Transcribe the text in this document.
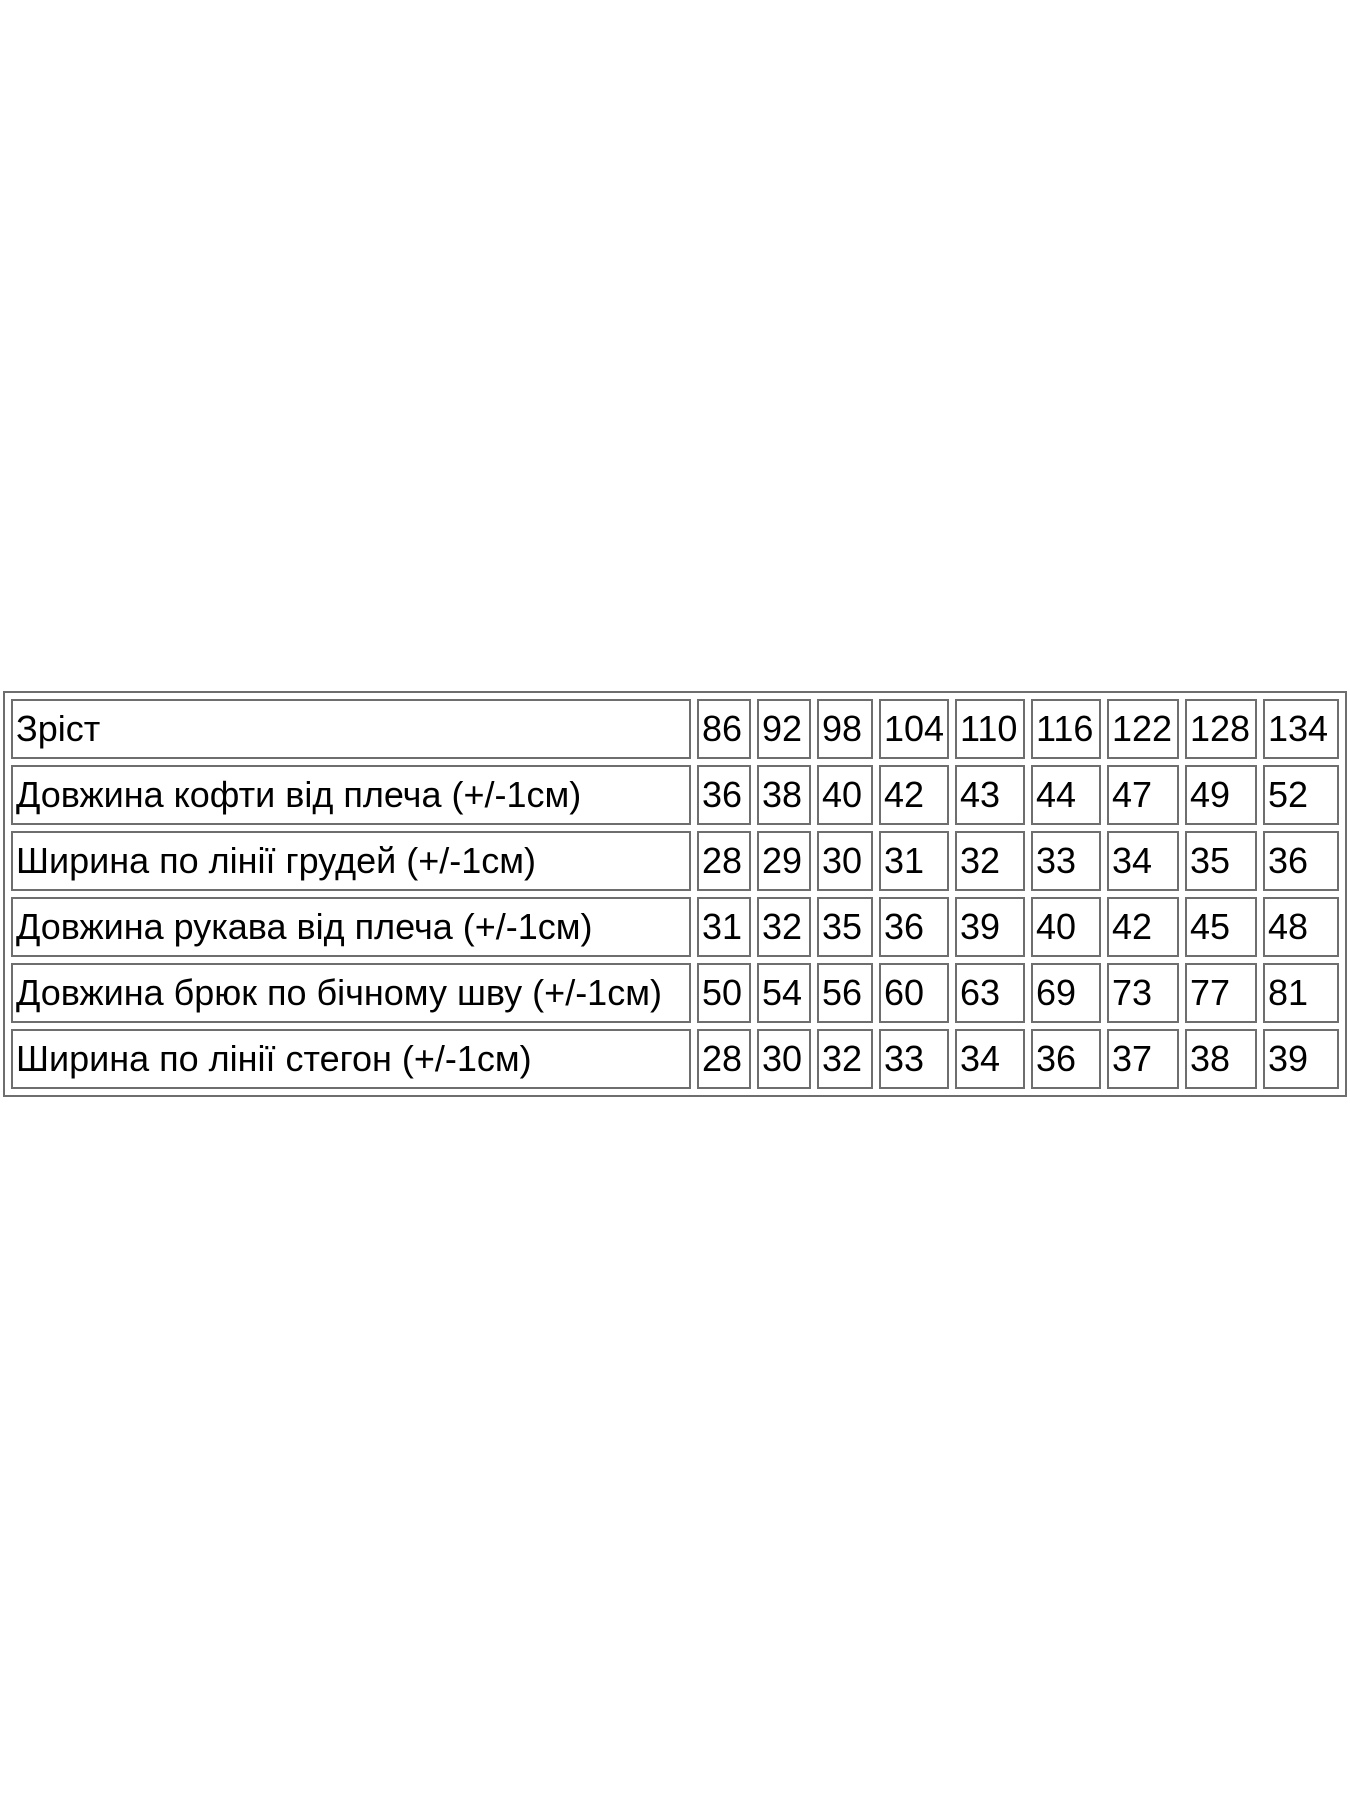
Зріст	86	92	98	104	110	116	122	128	134
Довжина кофти від плеча (+/-1см)	36	38	40	42	43	44	47	49	52
Ширина по лінії грудей (+/-1см)	28	29	30	31	32	33	34	35	36
Довжина рукава від плеча (+/-1см)	31	32	35	36	39	40	42	45	48
Довжина брюк по бічному шву (+/-1см)	50	54	56	60	63	69	73	77	81
Ширина по лінії стегон (+/-1см)	28	30	32	33	34	36	37	38	39
